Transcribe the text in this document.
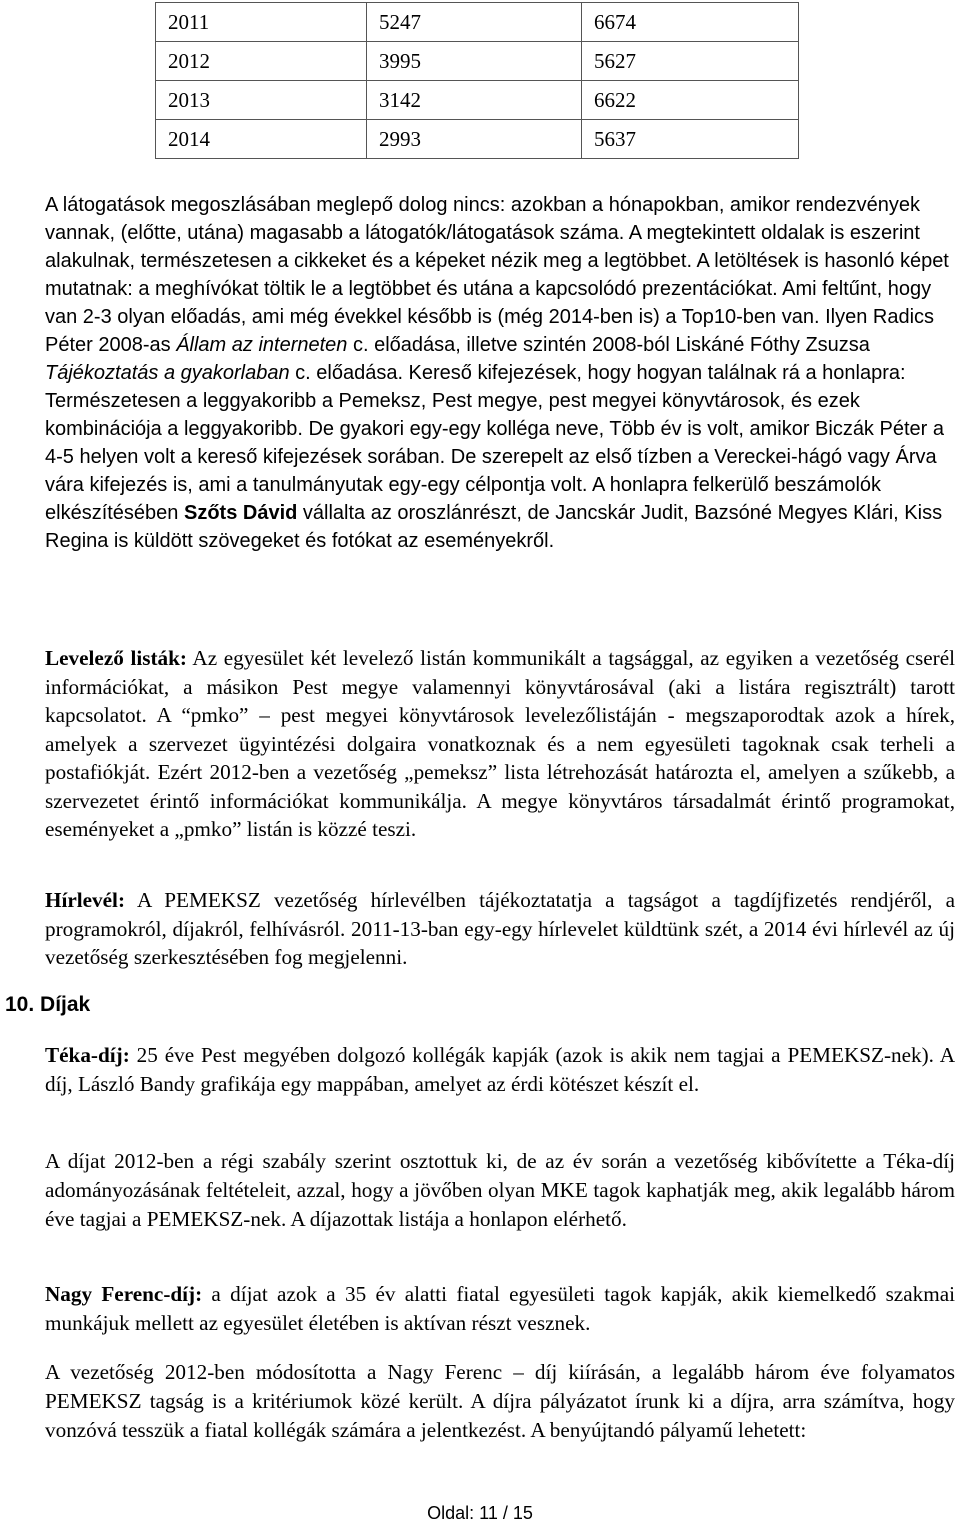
2011	5247	6674
2012	3995	5627
2013	3142	6622
2014	2993	5637

A látogatások megoszlásában meglepő dolog nincs: azokban a hónapokban, amikor rendezvények vannak, (előtte, utána) magasabb a látogatók/látogatások száma. A megtekintett oldalak is eszerint alakulnak, természetesen a cikkeket és a képeket nézik meg a legtöbbet. A letöltések is hasonló képet mutatnak: a meghívókat töltik le a legtöbbet és utána a kapcsolódó prezentációkat. Ami feltűnt, hogy van 2-3 olyan előadás, ami még évekkel később is (még 2014-ben is) a Top10-ben van. Ilyen Radics Péter 2008-as Állam az interneten c. előadása, illetve szintén 2008-ból Liskáné Fóthy Zsuzsa Tájékoztatás a gyakorlaban c. előadása. Kereső kifejezések, hogy hogyan találnak rá a honlapra: Természetesen a leggyakoribb a Pemeksz, Pest megye, pest megyei könyvtárosok, és ezek kombinációja a leggyakoribb. De gyakori egy-egy kolléga neve, Több év is volt, amikor Biczák Péter a 4-5 helyen volt a kereső kifejezések sorában. De szerepelt az első tízben a Vereckei-hágó vagy Árva vára kifejezés is, ami a tanulmányutak egy-egy célpontja volt. A honlapra felkerülő beszámolók elkészítésében Szőts Dávid vállalta az oroszlánrészt, de Jancskár Judit, Bazsóné Megyes Klári, Kiss Regina is küldött szövegeket és fotókat az eseményekről.

Levelező listák: Az egyesület két levelező listán kommunikált a tagsággal, az egyiken a vezetőség cserél információkat, a másikon Pest megye valamennyi könyvtárosával (aki a listára regisztrált) tarott kapcsolatot. A “pmko” – pest megyei könyvtárosok levelezőlistáján - megszaporodtak azok a hírek, amelyek a szervezet ügyintézési dolgaira vonatkoznak és a nem egyesületi tagoknak csak terheli a postafiókját. Ezért 2012-ben a vezetőség „pemeksz” lista létrehozását határozta el, amelyen a szűkebb, a szervezetet érintő információkat kommunikálja. A megye könyvtáros társadalmát érintő programokat, eseményeket a „pmko” listán is közzé teszi.

Hírlevél: A PEMEKSZ vezetőség hírlevélben tájékoztatatja a tagságot a tagdíjfizetés rendjéről, a programokról, díjakról, felhívásról. 2011-13-ban egy-egy hírlevelet küldtünk szét, a 2014 évi hírlevél az új vezetőség szerkesztésében fog megjelenni.

10. Díjak

Téka-díj: 25 éve Pest megyében dolgozó kollégák kapják (azok is akik nem tagjai a PEMEKSZ-nek). A díj, László Bandy grafikája egy mappában, amelyet az érdi kötészet készít el.

A díjat 2012-ben a régi szabály szerint osztottuk ki, de az év során a vezetőség kibővítette a Téka-díj adományozásának feltételeit, azzal, hogy a jövőben olyan MKE tagok kaphatják meg, akik legalább három éve tagjai a PEMEKSZ-nek. A díjazottak listája a honlapon elérhető.

Nagy Ferenc-díj: a díjat azok a 35 év alatti fiatal egyesületi tagok kapják, akik kiemelkedő szakmai munkájuk mellett az egyesület életében is aktívan részt vesznek.

A vezetőség 2012-ben módosította a Nagy Ferenc – díj kiírásán, a legalább három éve folyamatos PEMEKSZ tagság is a kritériumok közé került. A díjra pályázatot írunk ki a díjra, arra számítva, hogy vonzóvá tesszük a fiatal kollégák számára a jelentkezést. A benyújtandó pályamű lehetett:

Oldal: 11 / 15
